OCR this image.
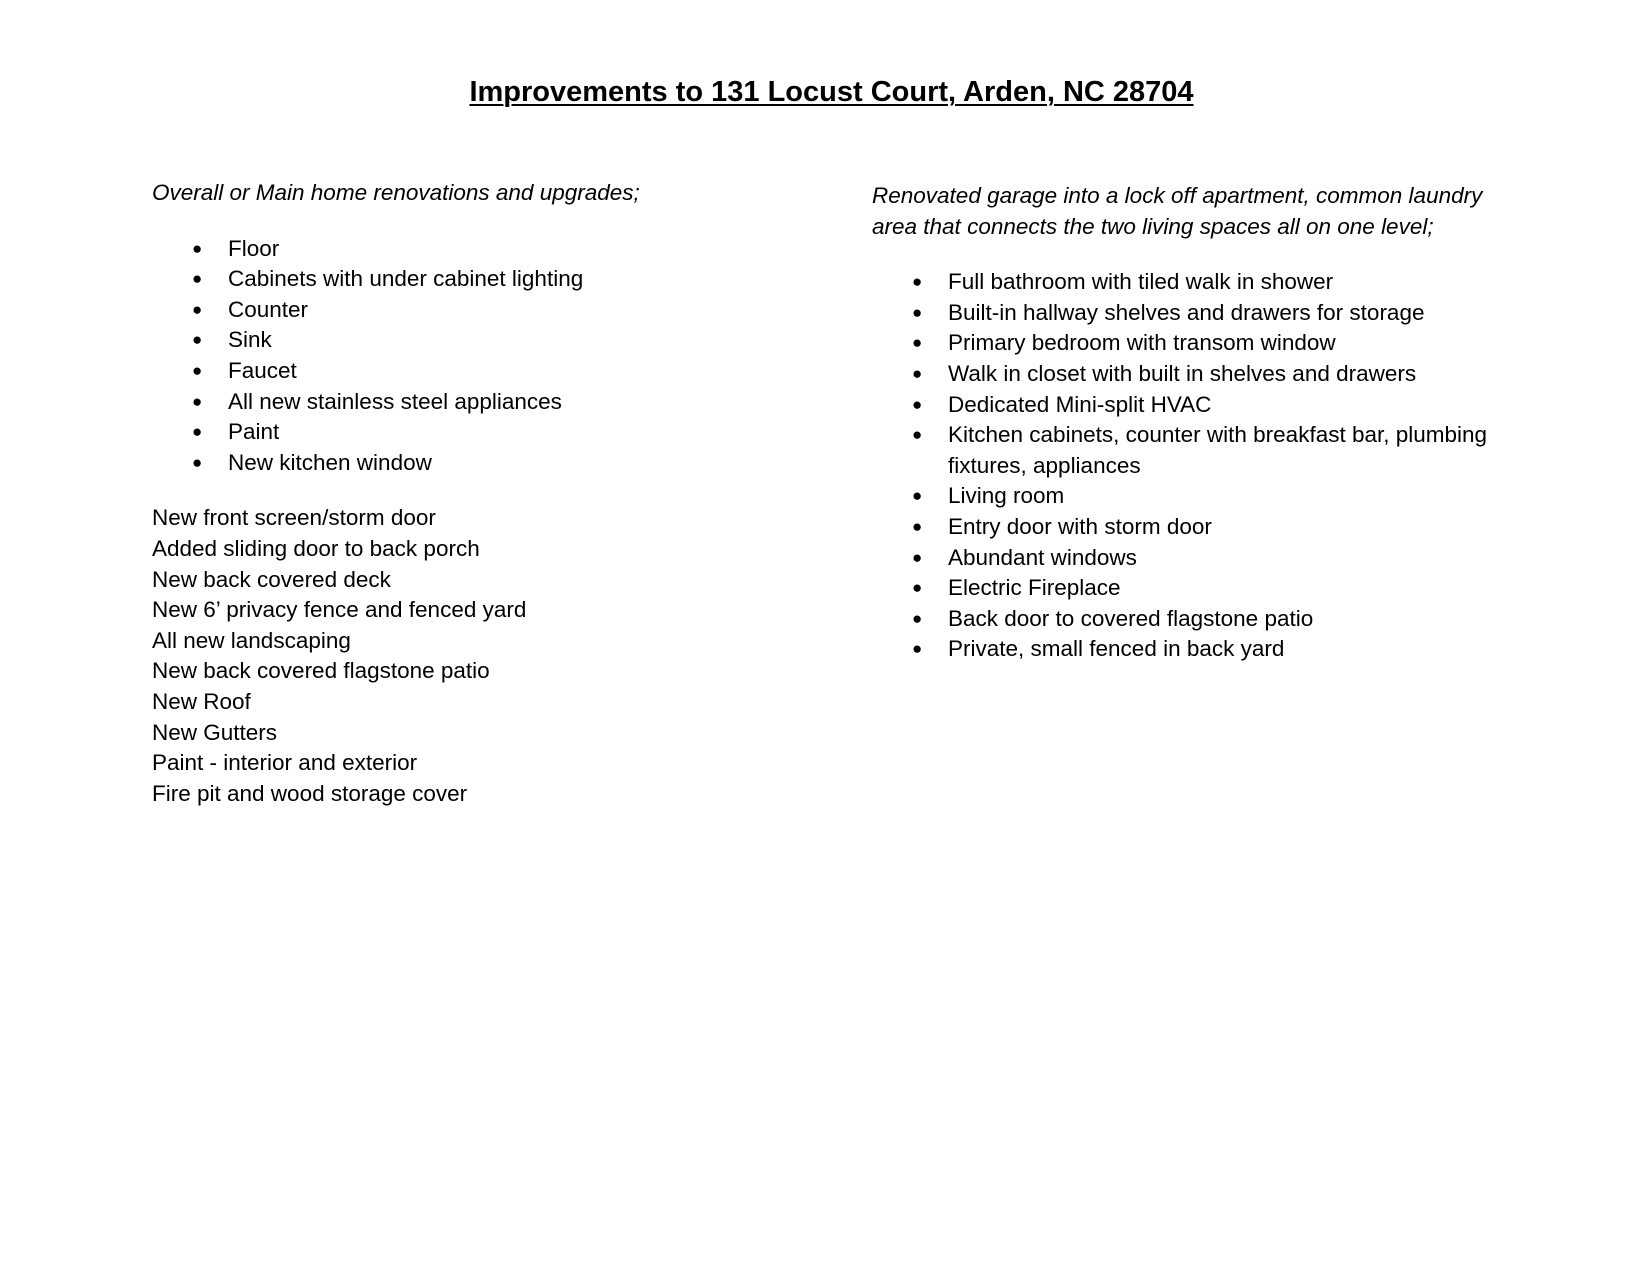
Improvements to 131 Locust Court, Arden, NC 28704

Overall or Main home renovations and upgrades;

● Floor
● Cabinets with under cabinet lighting
● Counter
● Sink
● Faucet
● All new stainless steel appliances
● Paint
● New kitchen window
New front screen/storm door
Added sliding door to back porch
New back covered deck
New 6’ privacy fence and fenced yard
All new landscaping
New back covered flagstone patio
New Roof
New Gutters
Paint - interior and exterior
Fire pit and wood storage cover

Renovated garage into a lock off apartment, common laundry area that connects the two living spaces all on one level;

● Full bathroom with tiled walk in shower
● Built-in hallway shelves and drawers for storage
● Primary bedroom with transom window
● Walk in closet with built in shelves and drawers
● Dedicated Mini-split HVAC
● Kitchen cabinets, counter with breakfast bar, plumbing fixtures, appliances
● Living room
● Entry door with storm door
● Abundant windows
● Electric Fireplace
● Back door to covered flagstone patio
● Private, small fenced in back yard
